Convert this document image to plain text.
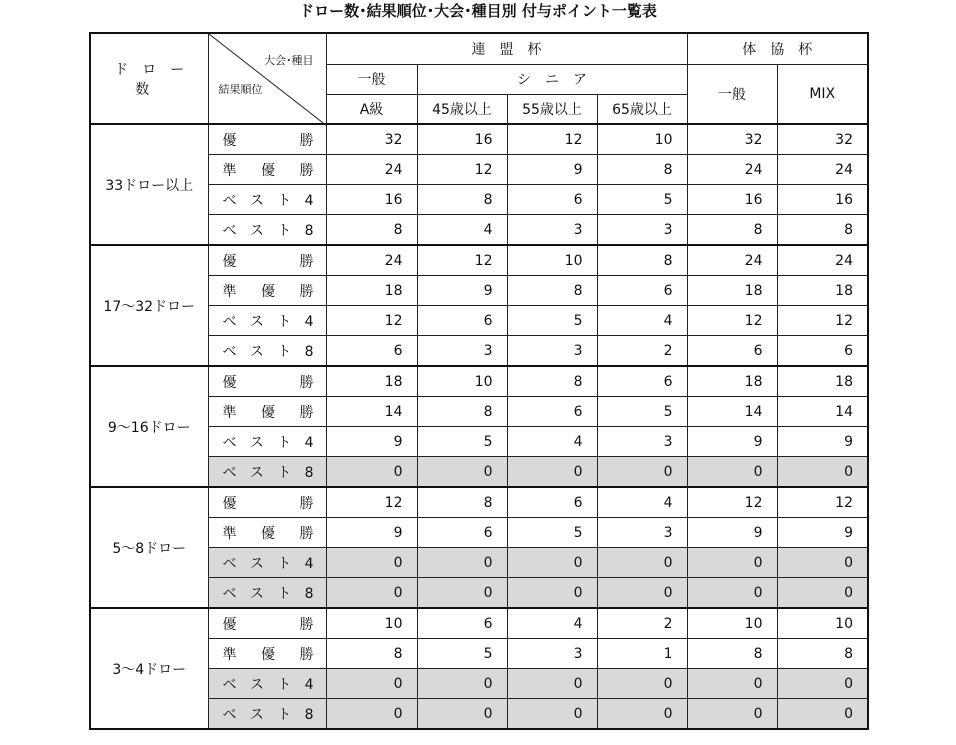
ドロー数･結果順位･大会･種目別 付与ポイント一覧表
ドロー数	大会･種目
結果順位	連盟杯				体協杯	
		一般	シニア			一般	MIX
		A級	45歳以上	55歳以上	65歳以上		
33ドロー以上	優勝	32	16	12	10	32	32

	準優勝	24	12	9	8	24	24

	ベスト4	16	8	6	5	16	16

	ベスト8	8	4	3	3	8	8
17～32ドロー	優勝	24	12	10	8	24	24

	準優勝	18	9	8	6	18	18

	ベスト4	12	6	5	4	12	12

	ベスト8	6	3	3	2	6	6
9～16ドロー	優勝	18	10	8	6	18	18

	準優勝	14	8	6	5	14	14

	ベスト4	9	5	4	3	9	9

	ベスト8	0	0	0	0	0	0
5～8ドロー	優勝	12	8	6	4	12	12

	準優勝	9	6	5	3	9	9

	ベスト4	0	0	0	0	0	0

	ベスト8	0	0	0	0	0	0
3～4ドロー	優勝	10	6	4	2	10	10

	準優勝	8	5	3	1	8	8

	ベスト4	0	0	0	0	0	0

	ベスト8	0	0	0	0	0	0
